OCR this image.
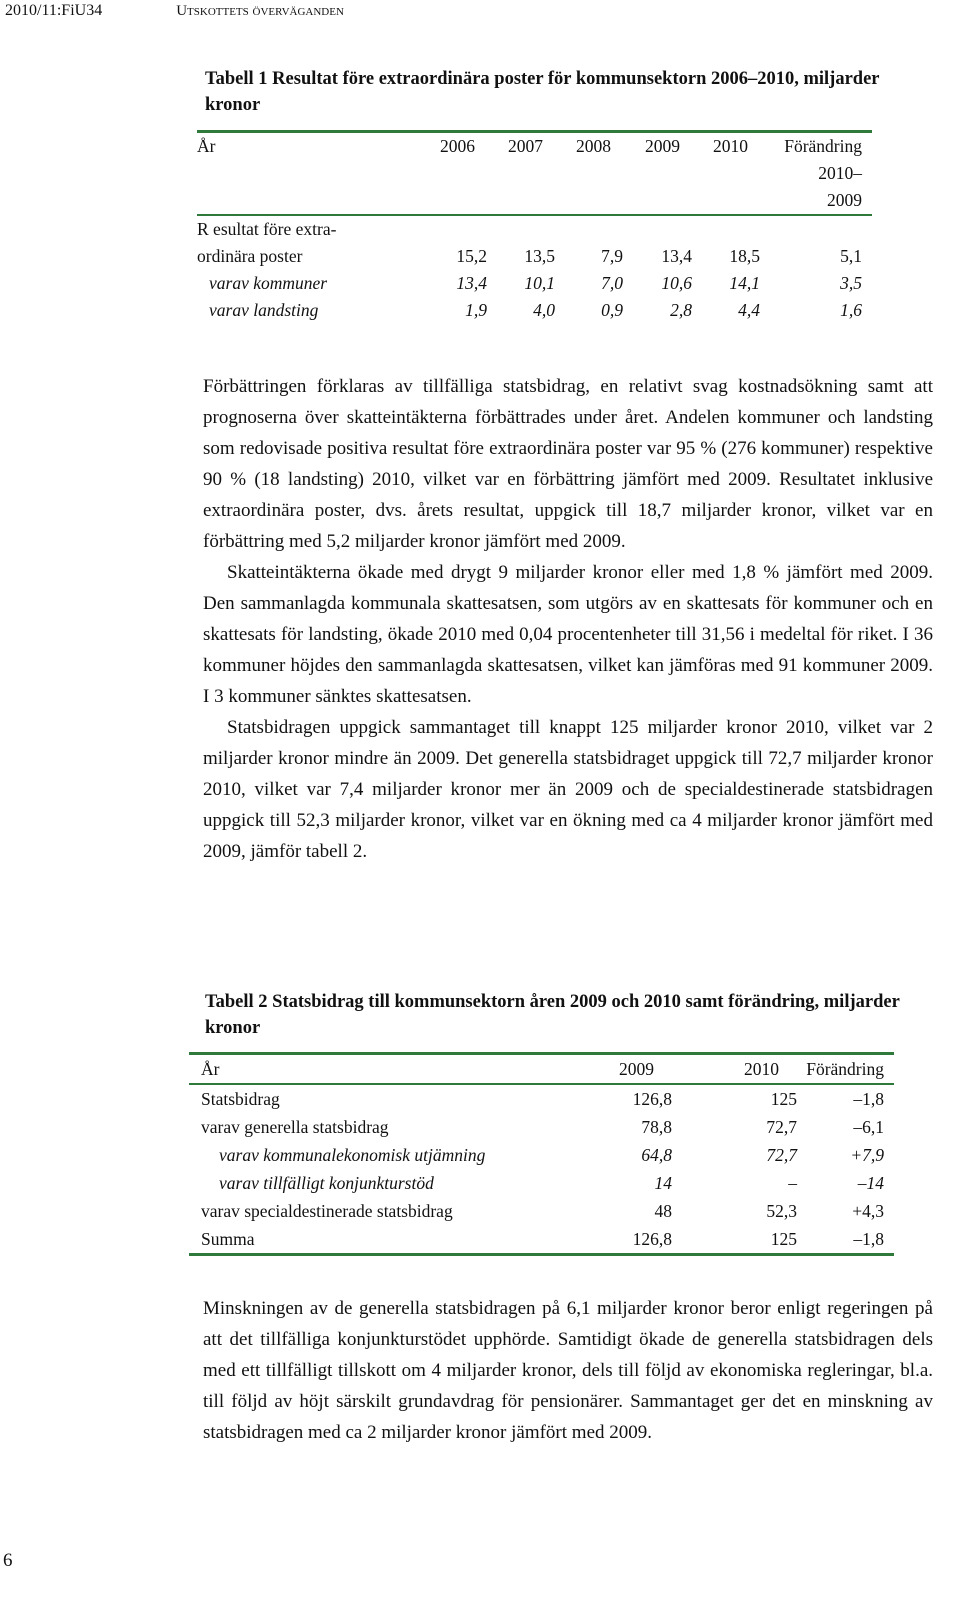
2010/11:FiU34	Utskottets överväganden
Tabell 1 Resultat före extraordinära poster för kommunsektorn 2006–2010, miljarder kronor
År	2006	2007	2008	2009	2010	Förändring
						2010–
						2009
R esultat före extra-						
ordinära poster	15,2	13,5	7,9	13,4	18,5	5,1
varav kommuner	13,4	10,1	7,0	10,6	14,1	3,5
varav landsting	1,9	4,0	0,9	2,8	4,4	1,6

Förbättringen förklaras av tillfälliga statsbidrag, en relativt svag kostnadsökning samt att prognoserna över skatteintäkterna förbättrades under året. Andelen kommuner och landsting som redovisade positiva resultat före extraordinära poster var 95 % (276 kommuner) respektive 90 % (18 landsting) 2010, vilket var en förbättring jämfört med 2009. Resultatet inklusive extraordinära poster, dvs. årets resultat, uppgick till 18,7 miljarder kronor, vilket var en förbättring med 5,2 miljarder kronor jämfört med 2009.

Skatteintäkterna ökade med drygt 9 miljarder kronor eller med 1,8 % jämfört med 2009. Den sammanlagda kommunala skattesatsen, som utgörs av en skattesats för kommuner och en skattesats för landsting, ökade 2010 med 0,04 procentenheter till 31,56 i medeltal för riket. I 36 kommuner höjdes den sammanlagda skattesatsen, vilket kan jämföras med 91 kommuner 2009. I 3 kommuner sänktes skattesatsen.

Statsbidragen uppgick sammantaget till knappt 125 miljarder kronor 2010, vilket var 2 miljarder kronor mindre än 2009. Det generella statsbidraget uppgick till 72,7 miljarder kronor 2010, vilket var 7,4 miljarder kronor mer än 2009 och de specialdestinerade statsbidragen uppgick till 52,3 miljarder kronor, vilket var en ökning med ca 4 miljarder kronor jämfört med 2009, jämför tabell 2.

Tabell 2 Statsbidrag till kommunsektorn åren 2009 och 2010 samt förändring, miljarder kronor
År	2009	2010	Förändring
Statsbidrag	126,8	125	–1,8
varav generella statsbidrag	78,8	72,7	–6,1
varav kommunalekonomisk utjämning	64,8	72,7	+7,9
varav tillfälligt konjunkturstöd	14	–	–14
varav specialdestinerade statsbidrag	48	52,3	+4,3
Summa	126,8	125	–1,8

Minskningen av de generella statsbidragen på 6,1 miljarder kronor beror enligt regeringen på att det tillfälliga konjunkturstödet upphörde. Samtidigt ökade de generella statsbidragen dels med ett tillfälligt tillskott om 4 miljarder kronor, dels till följd av ekonomiska regleringar, bl.a. till följd av höjt särskilt grundavdrag för pensionärer. Sammantaget ger det en minskning av statsbidragen med ca 2 miljarder kronor jämfört med 2009.

6
